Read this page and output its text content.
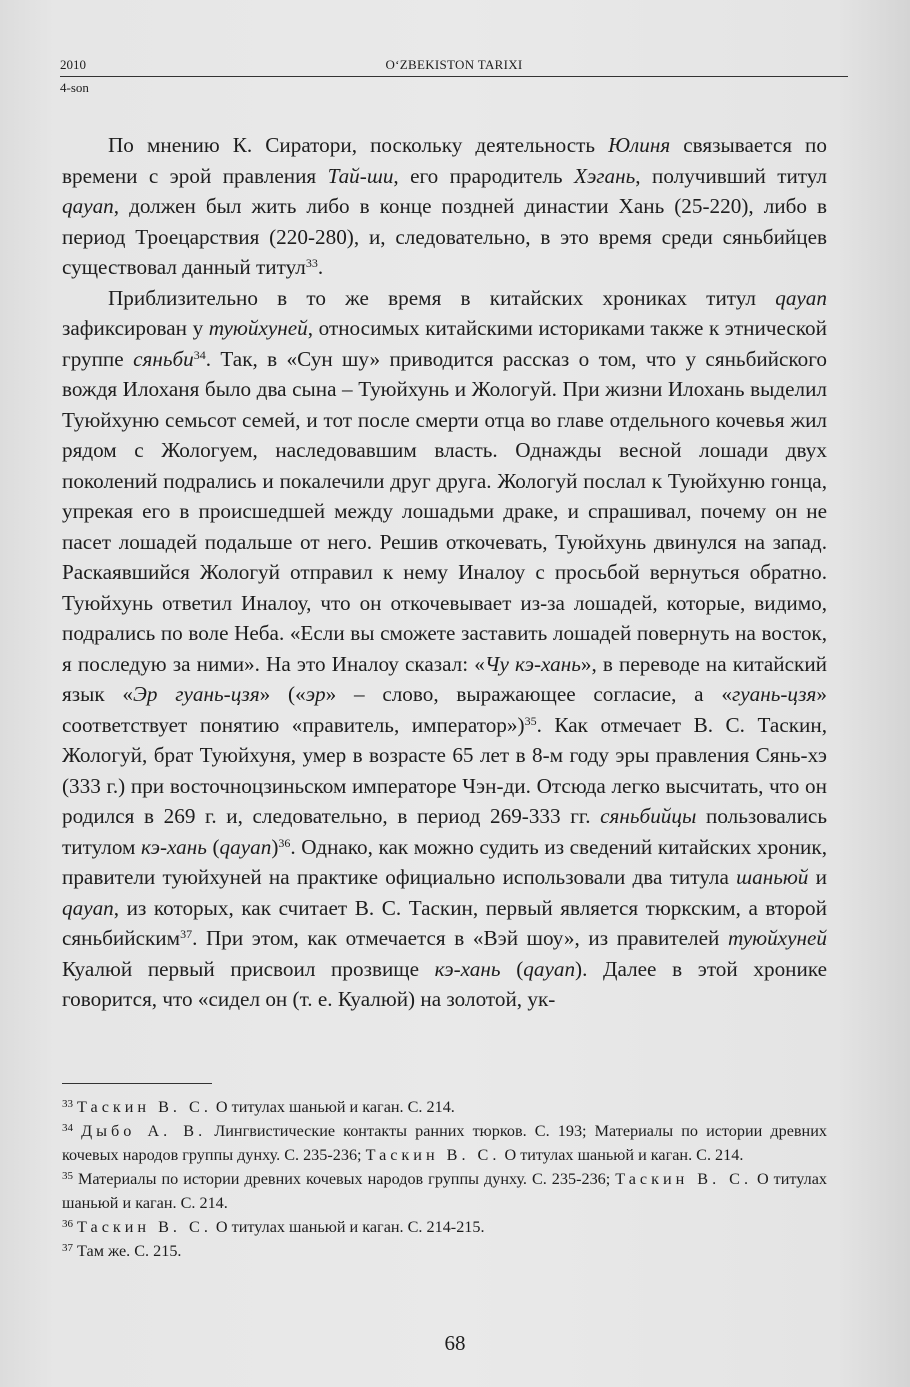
2010	O‘ZBEKISTON TARIXI
4-son

По мнению К. Сиратори, поскольку деятельность Юлиня связывается по времени с эрой правления Тай-ши, его прародитель Хэгань, получивший титул qayan, должен был жить либо в конце поздней династии Хань (25-220), либо в период Троецарствия (220-280), и, следовательно, в это время среди сяньбийцев существовал данный титул$^{33}$.

Приблизительно в то же время в китайских хрониках титул qayan зафиксирован у туюйхуней, относимых китайскими историками также к этнической группе сяньби$^{34}$. Так, в «Сун шу» приводится рассказ о том, что у сяньбийского вождя Илоханя было два сына – Туюйхунь и Жологуй. При жизни Илохань выделил Туюйхуню семьсот семей, и тот после смерти отца во главе отдельного кочевья жил рядом с Жологуем, наследовавшим власть. Однажды весной лошади двух поколений подрались и покалечили друг друга. Жологуй послал к Туюйхуню гонца, упрекая его в происшедшей между лошадьми драке, и спрашивал, почему он не пасет лошадей подальше от него. Решив откочевать, Туюйхунь двинулся на запад. Раскаявшийся Жологуй отправил к нему Иналоу с просьбой вернуться обратно. Туюйхунь ответил Иналоу, что он откочевывает из-за лошадей, которые, видимо, подрались по воле Неба. «Если вы сможете заставить лошадей повернуть на восток, я последую за ними». На это Иналоу сказал: «Чу кэ-хань», в переводе на китайский язык «Эр гуань-цзя» («эр» – слово, выражающее согласие, а «гуань-цзя» соответствует понятию «правитель, император»)$^{35}$. Как отмечает В. С. Таскин, Жологуй, брат Туюйхуня, умер в возрасте 65 лет в 8-м году эры правления Сянь-хэ (333 г.) при восточноцзиньском императоре Чэн-ди. Отсюда легко высчитать, что он родился в 269 г. и, следовательно, в период 269-333 гг. сяньбийцы пользовались титулом кэ-хань (qayan)$^{36}$. Однако, как можно судить из сведений китайских хроник, правители туюйхуней на практике официально использовали два титула шаньюй и qayan, из которых, как считает В. С. Таскин, первый является тюркским, а второй сяньбийским$^{37}$. При этом, как отмечается в «Вэй шоу», из правителей туюйхуней Куалюй первый присвоил прозвище кэ-хань (qayan). Далее в этой хронике говорится, что «сидел он (т. е. Куалюй) на золотой, ук-

$^{33}$ Таскин В. С. О титулах шаньюй и каган. С. 214.

$^{34}$ Дыбо А. В. Лингвистические контакты ранних тюрков. С. 193; Материалы по истории древних кочевых народов группы дунху. С. 235-236; Таскин В. С. О титулах шаньюй и каган. С. 214.

$^{35}$ Материалы по истории древних кочевых народов группы дунху. С. 235-236; Таскин В. С. О титулах шаньюй и каган. С. 214.

$^{36}$ Таскин В. С. О титулах шаньюй и каган. С. 214-215.

$^{37}$ Там же. С. 215.

68
